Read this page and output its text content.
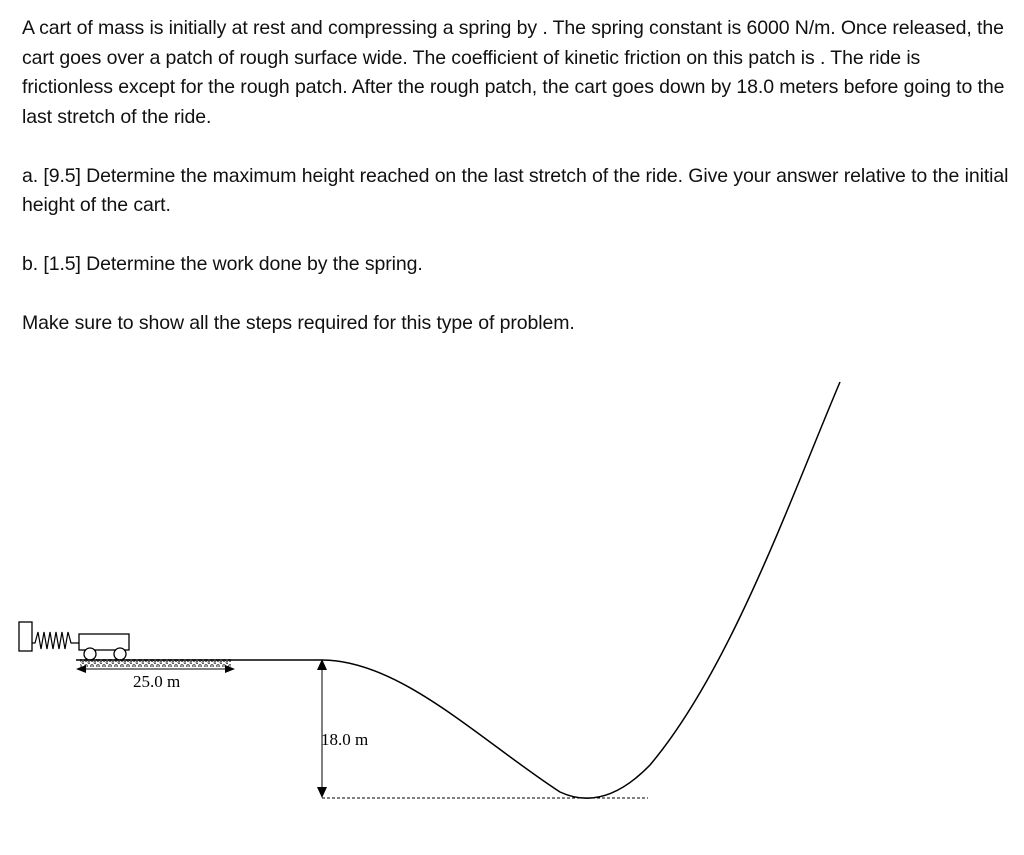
A cart of mass is initially at rest and compressing a spring by . The spring constant is 6000 N/m. Once released, the cart goes over a patch of rough surface wide. The coefficient of kinetic friction on this patch is . The ride is frictionless except for the rough patch. After the rough patch, the cart goes down by 18.0 meters before going to the last stretch of the ride.

a. [9.5] Determine the maximum height reached on the last stretch of the ride. Give your answer relative to the initial height of the cart.

b. [1.5] Determine the work done by the spring.

Make sure to show all the steps required for this type of problem.

25.0 m
18.0 m
